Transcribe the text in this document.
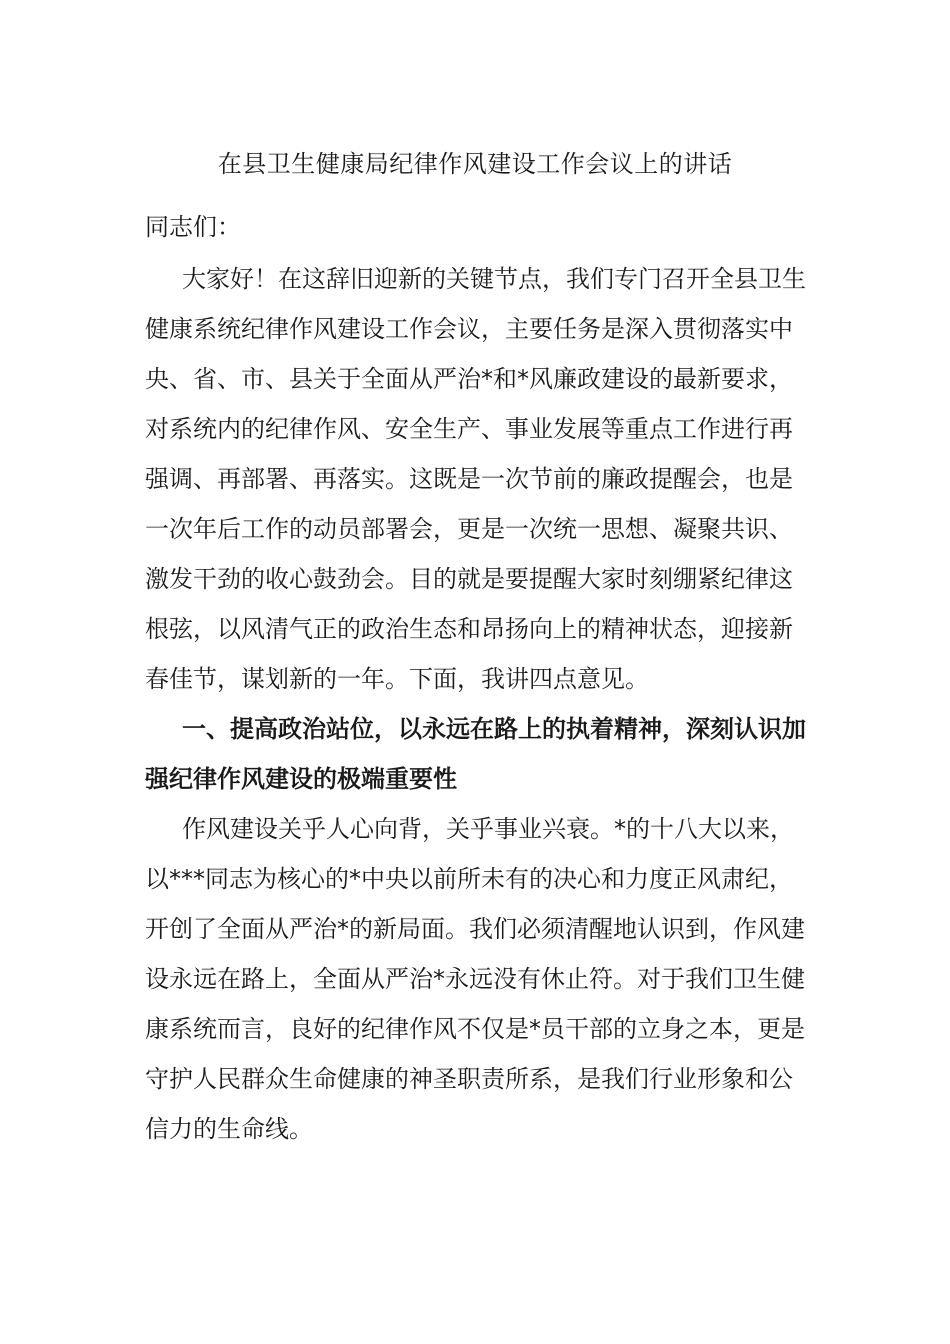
在县卫生健康局纪律作风建设工作会议上的讲话
同志们：

大家好！在这辞旧迎新的关键节点，我们专门召开全县卫生
健康系统纪律作风建设工作会议，主要任务是深入贯彻落实中
央、省、市、县关于全面从严治*和*风廉政建设的最新要求，
对系统内的纪律作风、安全生产、事业发展等重点工作进行再
强调、再部署、再落实。这既是一次节前的廉政提醒会，也是
一次年后工作的动员部署会，更是一次统一思想、凝聚共识、
激发干劲的收心鼓劲会。目的就是要提醒大家时刻绷紧纪律这
根弦，以风清气正的政治生态和昂扬向上的精神状态，迎接新
春佳节，谋划新的一年。下面，我讲四点意见。

一、提高政治站位，以永远在路上的执着精神，深刻认识加
强纪律作风建设的极端重要性

作风建设关乎人心向背，关乎事业兴衰。*的十八大以来，
以***同志为核心的*中央以前所未有的决心和力度正风肃纪，
开创了全面从严治*的新局面。我们必须清醒地认识到，作风建
设永远在路上，全面从严治*永远没有休止符。对于我们卫生健
康系统而言，良好的纪律作风不仅是*员干部的立身之本，更是
守护人民群众生命健康的神圣职责所系，是我们行业形象和公
信力的生命线。
